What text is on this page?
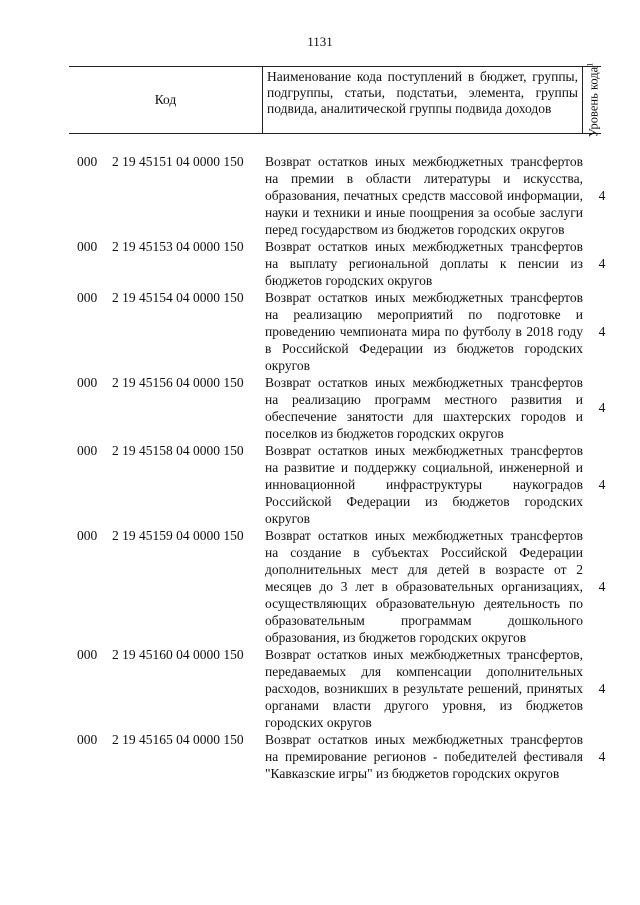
1131
Код
Наименование кода поступлений в бюджет, группы, подгруппы, статьи, подстатьи, элемента, группы подвида, аналитической группы подвида доходов	Уровень кода$^1$
000 2 19 45151 04 0000 150 Возврат остатков иных межбюджетных трансфертов на премии в области литературы и искусства, образования, печатных средств массовой информации, науки и техники и иные поощрения за особые заслуги перед государством из бюджетов городских округов
4
000 2 19 45153 04 0000 150 Возврат остатков иных межбюджетных трансфертов на выплату региональной доплаты к пенсии из бюджетов городских округов
4
000 2 19 45154 04 0000 150 Возврат остатков иных межбюджетных трансфертов на реализацию мероприятий по подготовке и проведению чемпионата мира по футболу в 2018 году в Российской Федерации из бюджетов городских округов
4
000 2 19 45156 04 0000 150 Возврат остатков иных межбюджетных трансфертов на реализацию программ местного развития и обеспечение занятости для шахтерских городов и поселков из бюджетов городских округов
4
000 2 19 45158 04 0000 150 Возврат остатков иных межбюджетных трансфертов на развитие и поддержку социальной, инженерной и инновационной инфраструктуры наукоградов Российской Федерации из бюджетов городских округов
4
000 2 19 45159 04 0000 150 Возврат остатков иных межбюджетных трансфертов на создание в субъектах Российской Федерации дополнительных мест для детей в возрасте от 2 месяцев до 3 лет в образовательных организациях, осуществляющих образовательную деятельность по образовательным программам дошкольного образования, из бюджетов городских округов
4
000 2 19 45160 04 0000 150 Возврат остатков иных межбюджетных трансфертов, передаваемых для компенсации дополнительных расходов, возникших в результате решений, принятых органами власти другого уровня, из бюджетов городских округов
4
000 2 19 45165 04 0000 150 Возврат остатков иных межбюджетных трансфертов на премирование регионов - победителей фестиваля "Кавказские игры" из бюджетов городских округов
4
